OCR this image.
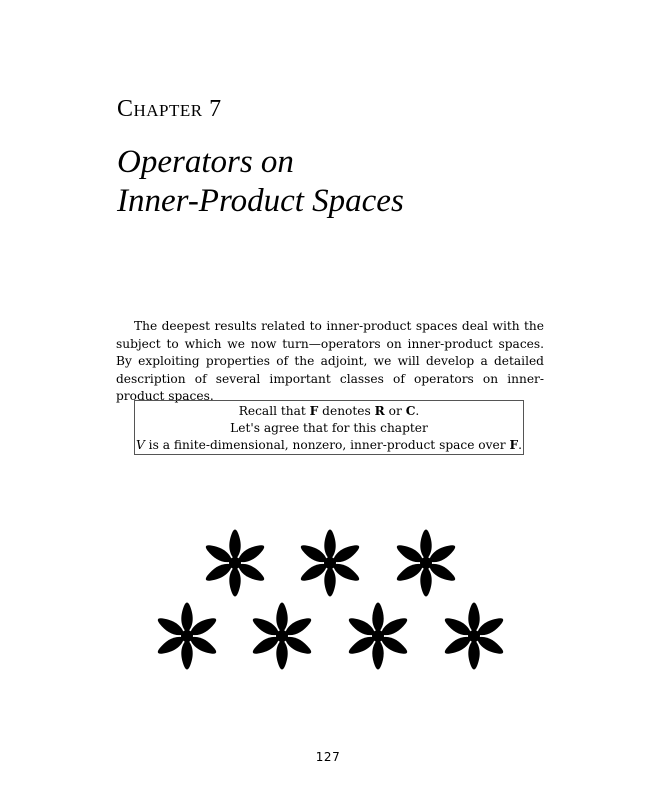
Chapter 7
Operators on
Inner-Product Spaces

The deepest results related to inner-product spaces deal with the subject to which we now turn—operators on inner-product spaces. By exploiting properties of the adjoint, we will develop a detailed description of several important classes of operators on inner-product spaces.

Recall that F denotes R or C.
Let's agree that for this chapter
V is a finite-dimensional, nonzero, inner-product space over F.
127
